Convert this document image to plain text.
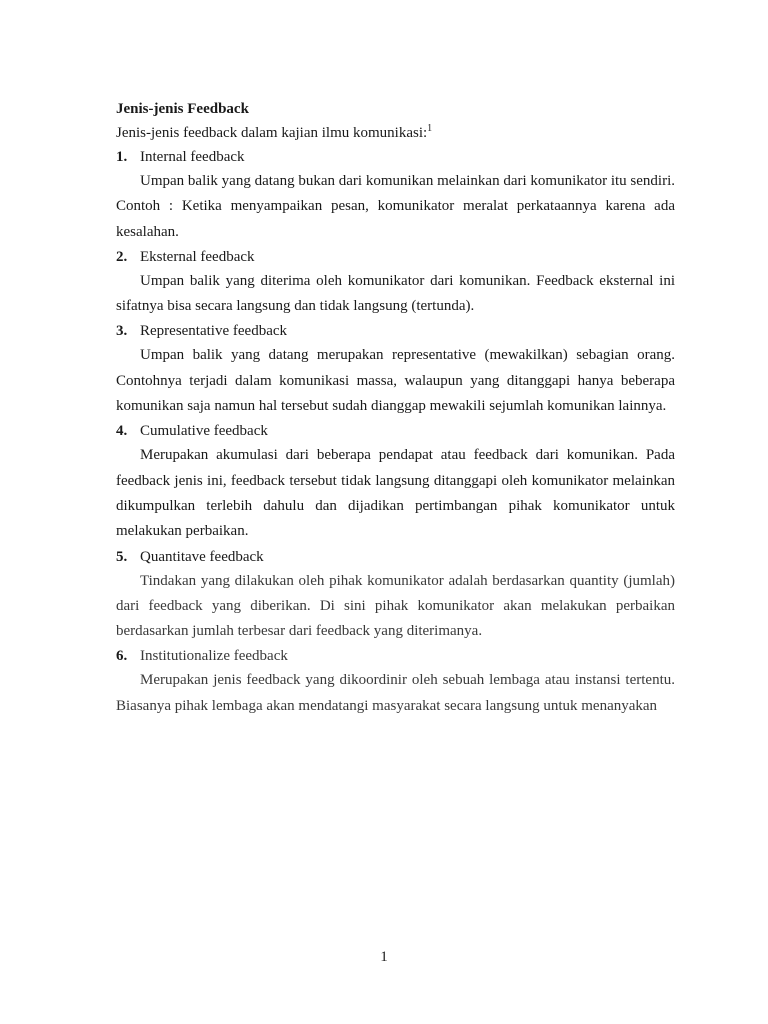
Jenis-jenis Feedback

Jenis-jenis feedback dalam kajian ilmu komunikasi:$^1$

1. Internal feedback

Umpan balik yang datang bukan dari komunikan melainkan dari komunikator itu sendiri. Contoh : Ketika menyampaikan pesan, komunikator meralat perkataannya karena ada kesalahan.

2. Eksternal feedback

Umpan balik yang diterima oleh komunikator dari komunikan. Feedback eksternal ini sifatnya bisa secara langsung dan tidak langsung (tertunda).

3. Representative feedback

Umpan balik yang datang merupakan representative (mewakilkan) sebagian orang. Contohnya terjadi dalam komunikasi massa, walaupun yang ditanggapi hanya beberapa komunikan saja namun hal tersebut sudah dianggap mewakili sejumlah komunikan lainnya.

4. Cumulative feedback

Merupakan akumulasi dari beberapa pendapat atau feedback dari komunikan. Pada feedback jenis ini, feedback tersebut tidak langsung ditanggapi oleh komunikator melainkan dikumpulkan terlebih dahulu dan dijadikan pertimbangan pihak komunikator untuk melakukan perbaikan.

5. Quantitave feedback

Tindakan yang dilakukan oleh pihak komunikator adalah berdasarkan quantity (jumlah) dari feedback yang diberikan. Di sini pihak komunikator akan melakukan perbaikan berdasarkan jumlah terbesar dari feedback yang diterimanya.

6. Institutionalize feedback

Merupakan jenis feedback yang dikoordinir oleh sebuah lembaga atau instansi tertentu. Biasanya pihak lembaga akan mendatangi masyarakat secara langsung untuk menanyakan

1
